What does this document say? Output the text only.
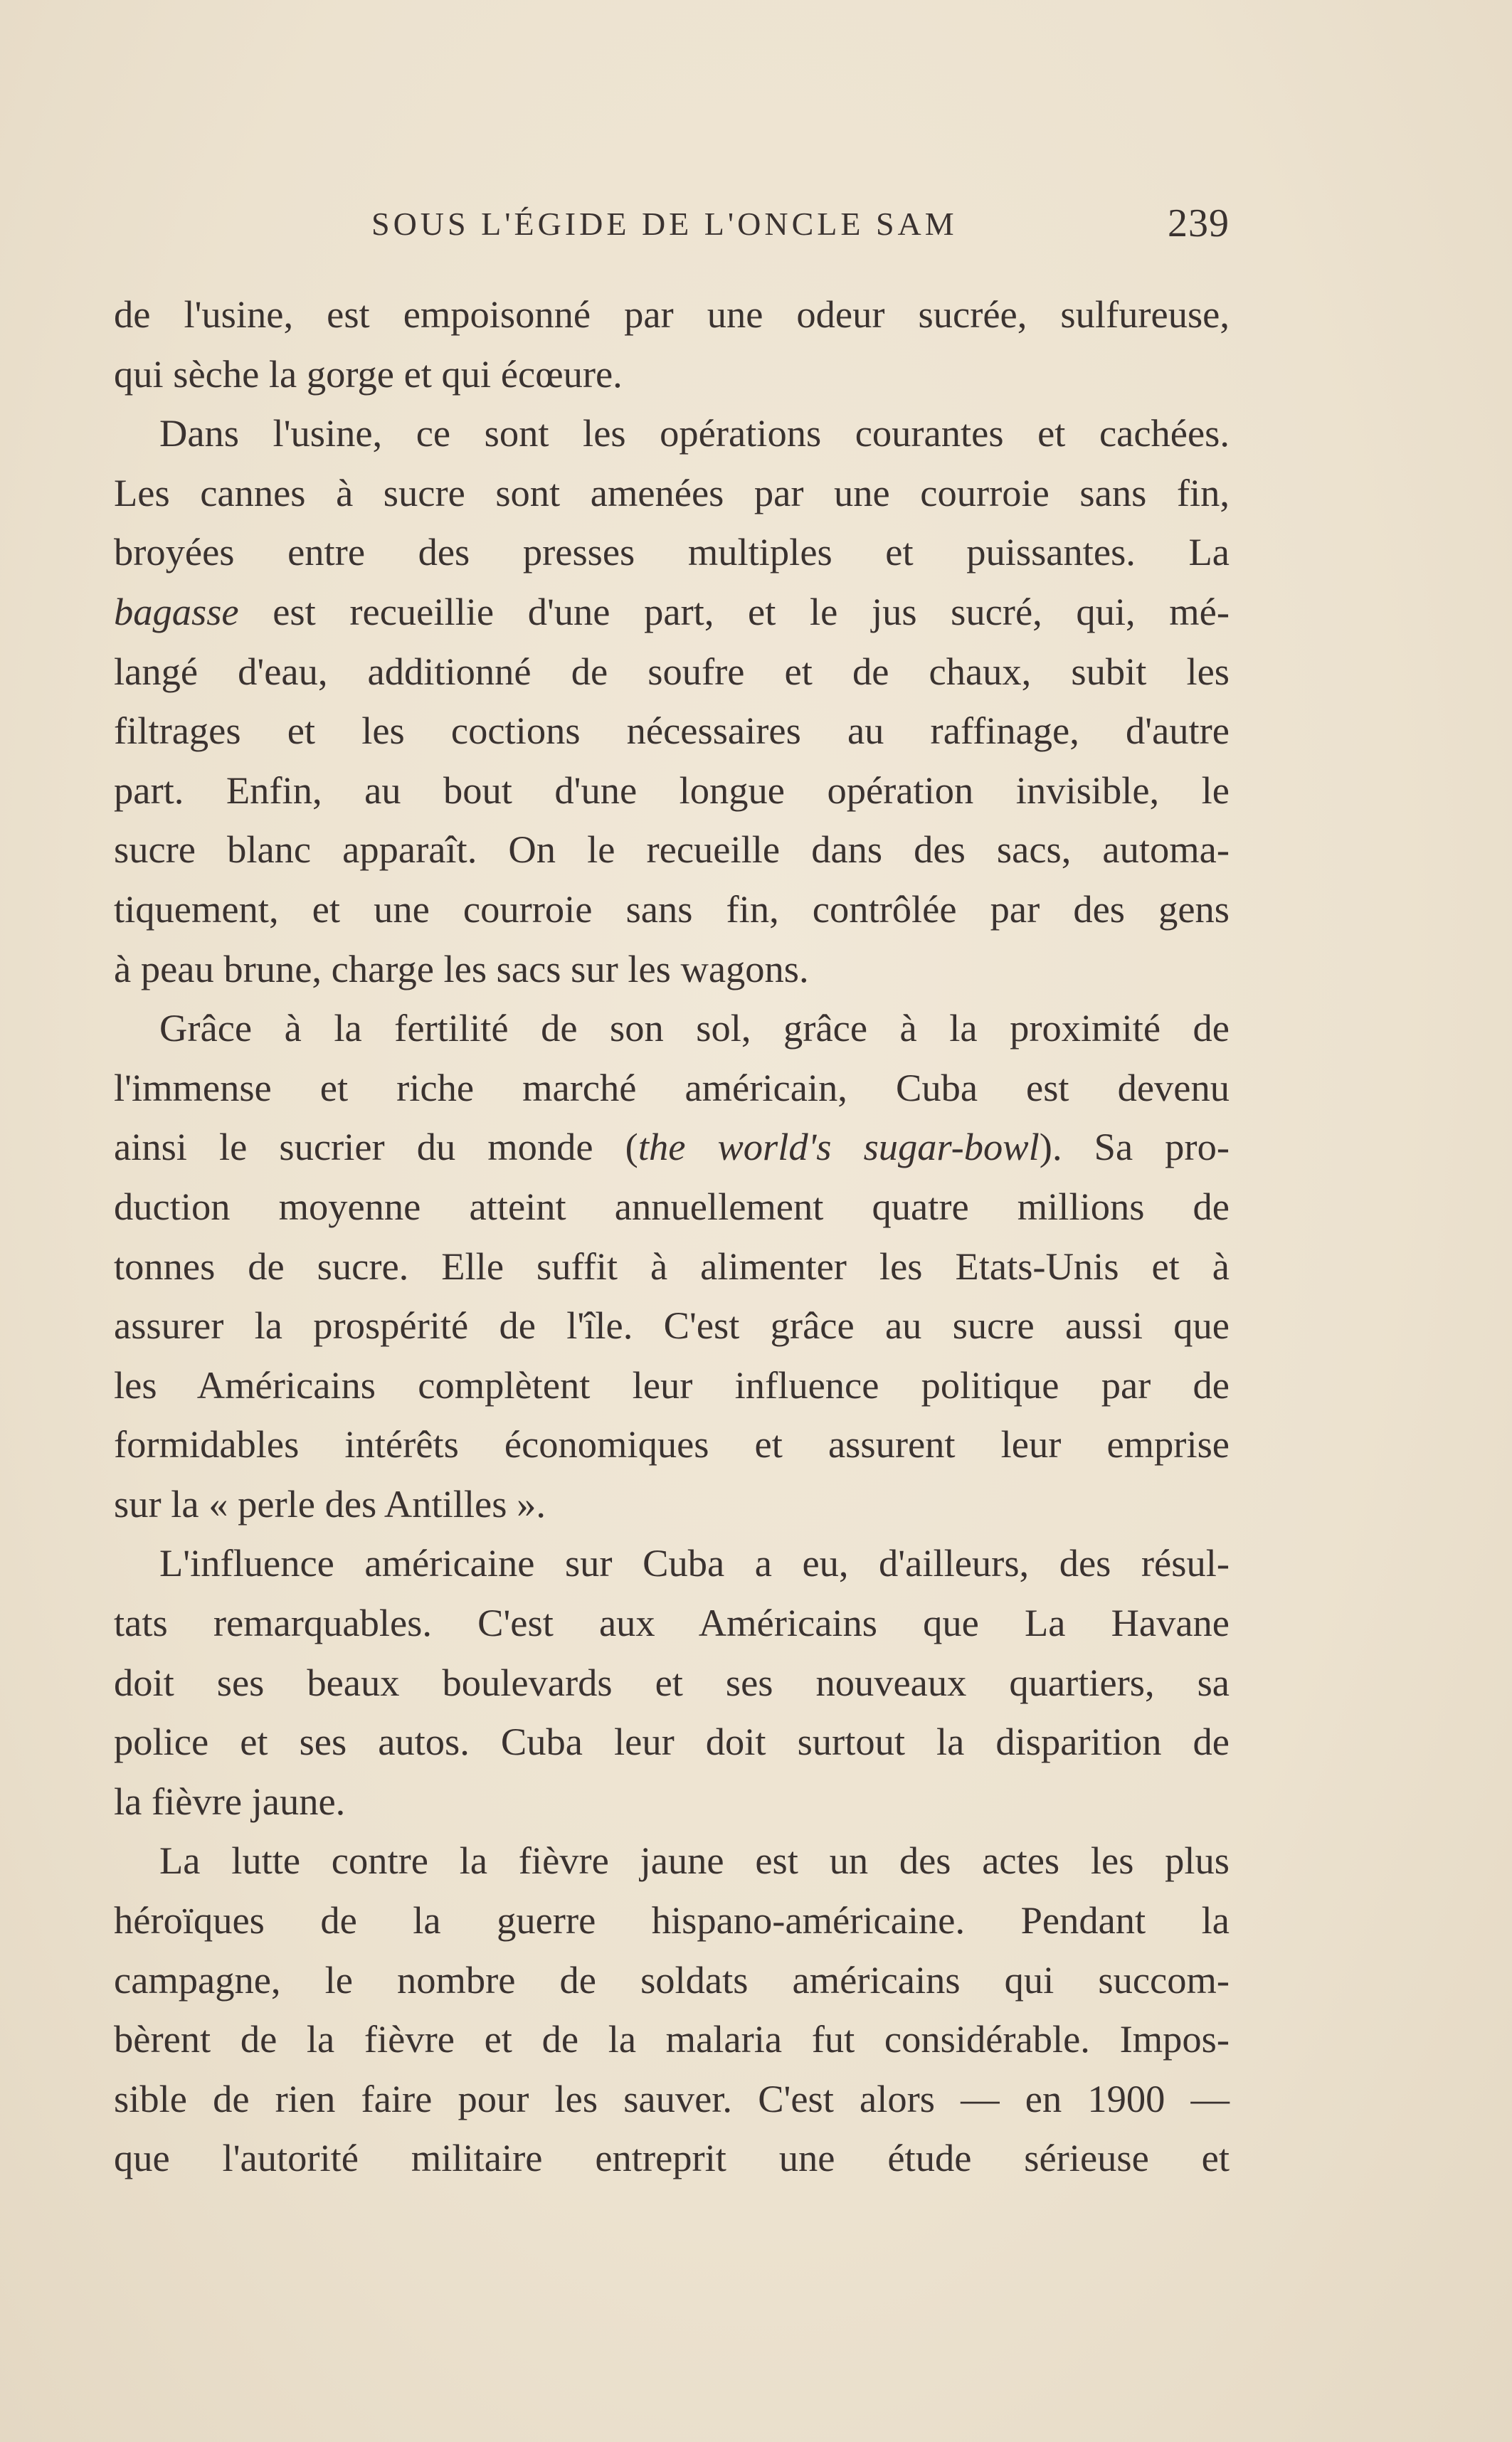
SOUS L'ÉGIDE DE L'ONCLE SAM	239
de l'usine, est empoisonné par une odeur sucrée, sulfureuse,
qui sèche la gorge et qui écœure.
Dans l'usine, ce sont les opérations courantes et cachées.
Les cannes à sucre sont amenées par une courroie sans fin,
broyées entre des presses multiples et puissantes. La
bagasse est recueillie d'une part, et le jus sucré, qui, mé-
langé d'eau, additionné de soufre et de chaux, subit les
filtrages et les coctions nécessaires au raffinage, d'autre
part. Enfin, au bout d'une longue opération invisible, le
sucre blanc apparaît. On le recueille dans des sacs, automa-
tiquement, et une courroie sans fin, contrôlée par des gens
à peau brune, charge les sacs sur les wagons.
Grâce à la fertilité de son sol, grâce à la proximité de
l'immense et riche marché américain, Cuba est devenu
ainsi le sucrier du monde (the world's sugar-bowl). Sa pro-
duction moyenne atteint annuellement quatre millions de
tonnes de sucre. Elle suffit à alimenter les Etats-Unis et à
assurer la prospérité de l'île. C'est grâce au sucre aussi que
les Américains complètent leur influence politique par de
formidables intérêts économiques et assurent leur emprise
sur la « perle des Antilles ».
L'influence américaine sur Cuba a eu, d'ailleurs, des résul-
tats remarquables. C'est aux Américains que La Havane
doit ses beaux boulevards et ses nouveaux quartiers, sa
police et ses autos. Cuba leur doit surtout la disparition de
la fièvre jaune.
La lutte contre la fièvre jaune est un des actes les plus
héroïques de la guerre hispano-américaine. Pendant la
campagne, le nombre de soldats américains qui succom-
bèrent de la fièvre et de la malaria fut considérable. Impos-
sible de rien faire pour les sauver. C'est alors — en 1900 —
que l'autorité militaire entreprit une étude sérieuse et
